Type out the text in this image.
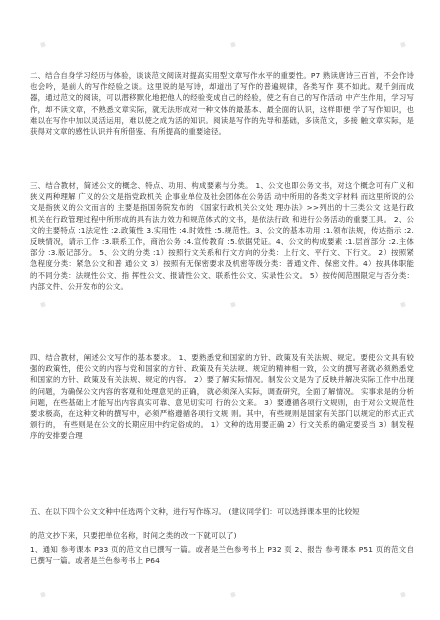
二、结合自身学习经历与体验，谈谈范文阅读对提高实用型文章写作水平的重要性。P7 熟读唐诗三百首，不会作诗也会吟，是前人的写作经验之谈。这里说的是写诗，却道出了写作的普遍规律，各类写作 莫不如此。观千剑而成器，通过范文的阅读，可以潜移默化地把他人的经验变成自己的经验，使之有自己的写作活动 中产生作用，学习写作，却不读文章，不熟悉文章实际，就无法形成对一种文体的最基本、最全面的认识，这样即便 学了写作知识，也难以在写作中加以灵活运用，难以使之成为活的知识。阅读是写作的先导和基础，多读范文，多接 触文章实际，是获得对文章的感性认识并有所借鉴、有所提高的重要途径。

三、结合教材，简述公文的概念、特点、功用、构成要素与分类。 1、公文也即公务文书，对这个概念可有广义和狭义两种理解 广义的公文是指党政机关 企事业单位及社会团体在公务活 动中所用的各类文字材料 而这里所说的公文是指狭义的公文而言的 主要是指国务院发布的 《国家行政机关公文处 理办法》>>列出的十三类公文 这是行政机关在行政管理过程中所形成的具有法力效力和规范体式的文书，是依法行政 和进行公务活动的重要工具。 2、公文的主要特点 :1法定性 :2.政策性 3.实用性 :4.时效性 :5.规范性。3、公文的基本功用 :1.领布法规，传达指示 :2.反映情况，请示工作 :3.联系工作，商治公务 :4.宣传教育 :5.依据凭证。4、公文的构成要素 :1.层首部分 :2.主体部分 :3.版记部分。 5、公文的分类 :1）按照行文关系和行文方向的分类：上行文、平行文、下行文。 2）按照紧急程度分类：紧急公文和普 通公文 3）按照有无保密要求及机密等级分类：普通文件、保密文件。4）按具体职能的不同分类：法规性公文、指 挥性公文、报请性公文、联系性公文、实录性公文。 5）按传阅范围限定与否分类：内部文件、公开发布的公文。

四、结合教材，阐述公文写作的基本要求。 1、要熟悉党和国家的方针、政策及有关法规、规定。要使公文具有较强的政策性，使公文的内容与党和国家的方针、政策及有关法规、规定的精神相一致，公文的撰写者就必须熟悉党和国家的方针、政策及有关法规、规定的内容。 2）要了解实际情况。制发公文是为了反映并解决实际工作中出现的问题，为确保公文内容的客观和处理意见的正确， 就必须深入实际，调查研究，全面了解情况。 实事求是的分析问题，在些基础上才能写出内容真实可靠、意见切实可 行的公文来。 3）要遵循各项行文规则，由于对公文规范性要求极高，在这种文种的撰写中，必须严格遵循各项行文规 则。其中，有些规则是国家有关部门以规定的形式正式颁行的， 有些则是在公文的长期应用中约定俗成的。 1）文种的选用要正确 2）行文关系的确定要妥当 3）制发程序的安排要合理

五、在以下四个公文文种中任选两个文种，进行写作练习。 (建议同学们：可以选择课本里的比较短

的范文抄下来，只要把单位名称，时间之类的改一下就可以了)

1、通知 参考课本 P33 页的范文自已撰写一篇。或者是兰色参考书上 P32 页 2、报告 参考课本 P51 页的范文自已撰写一篇。或者是兰色参考书上 P64

▪	▪	▪
▪	▪	▪
▪	▪	▪
